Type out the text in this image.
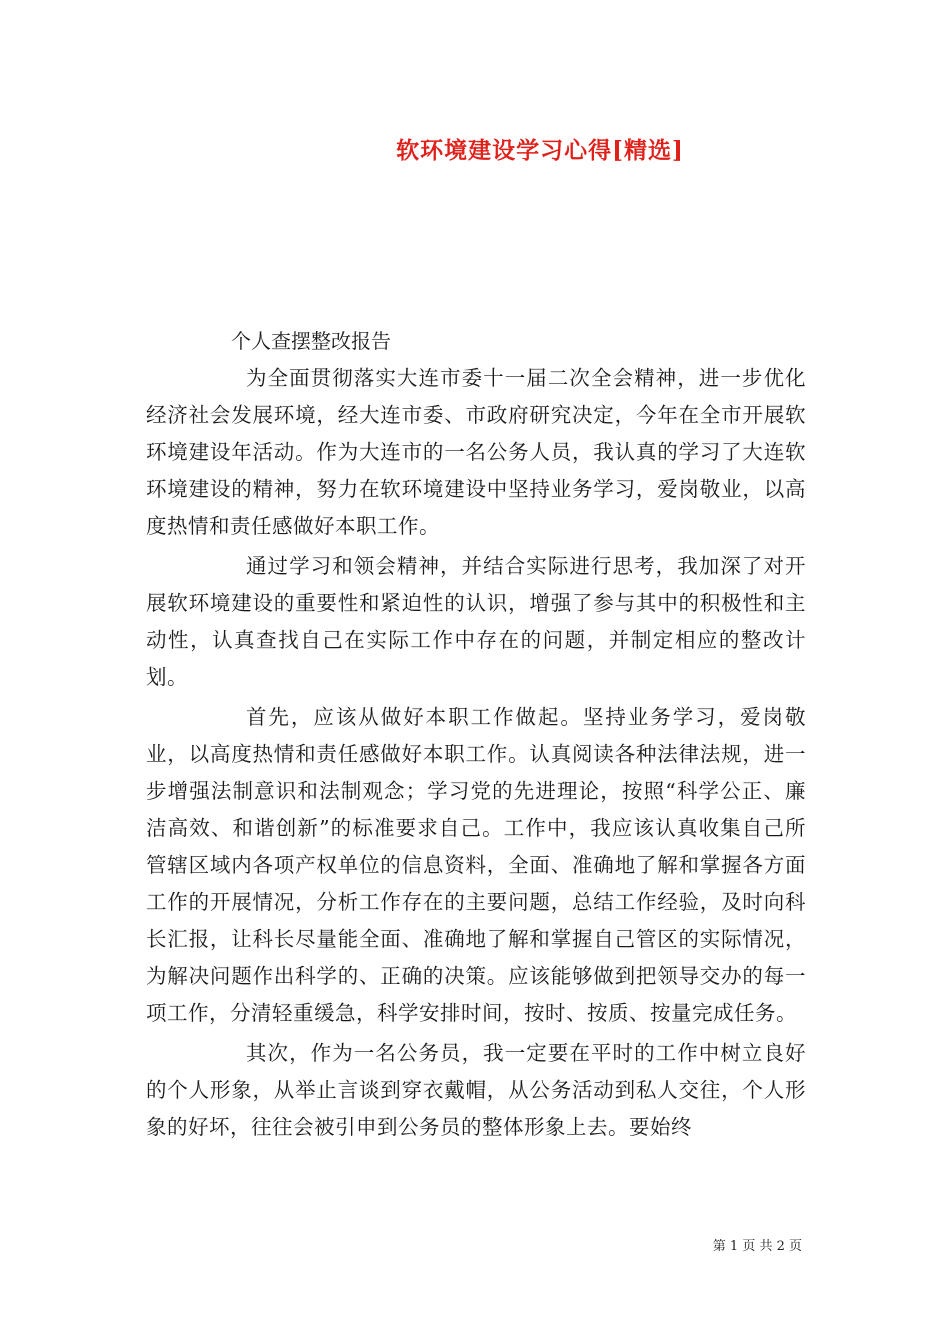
软环境建设学习心得[精选]
个人查摆整改报告

为全面贯彻落实大连市委十一届二次全会精神，进一步优化经济社会发展环境，经大连市委、市政府研究决定，今年在全市开展软环境建设年活动。作为大连市的一名公务人员，我认真的学习了大连软环境建设的精神，努力在软环境建设中坚持业务学习，爱岗敬业，以高度热情和责任感做好本职工作。

通过学习和领会精神，并结合实际进行思考，我加深了对开展软环境建设的重要性和紧迫性的认识，增强了参与其中的积极性和主动性，认真查找自己在实际工作中存在的问题，并制定相应的整改计划。

首先，应该从做好本职工作做起。坚持业务学习，爱岗敬业，以高度热情和责任感做好本职工作。认真阅读各种法律法规，进一步增强法制意识和法制观念；学习党的先进理论，按照“科学公正、廉洁高效、和谐创新”的标准要求自己。工作中，我应该认真收集自己所管辖区域内各项产权单位的信息资料，全面、准确地了解和掌握各方面工作的开展情况，分析工作存在的主要问题，总结工作经验，及时向科长汇报，让科长尽量能全面、准确地了解和掌握自己管区的实际情况，为解决问题作出科学的、正确的决策。应该能够做到把领导交办的每一项工作，分清轻重缓急，科学安排时间，按时、按质、按量完成任务。

其次，作为一名公务员，我一定要在平时的工作中树立良好的个人形象，从举止言谈到穿衣戴帽，从公务活动到私人交往，个人形象的好坏，往往会被引申到公务员的整体形象上去。要始终

第 1 页 共 2 页
